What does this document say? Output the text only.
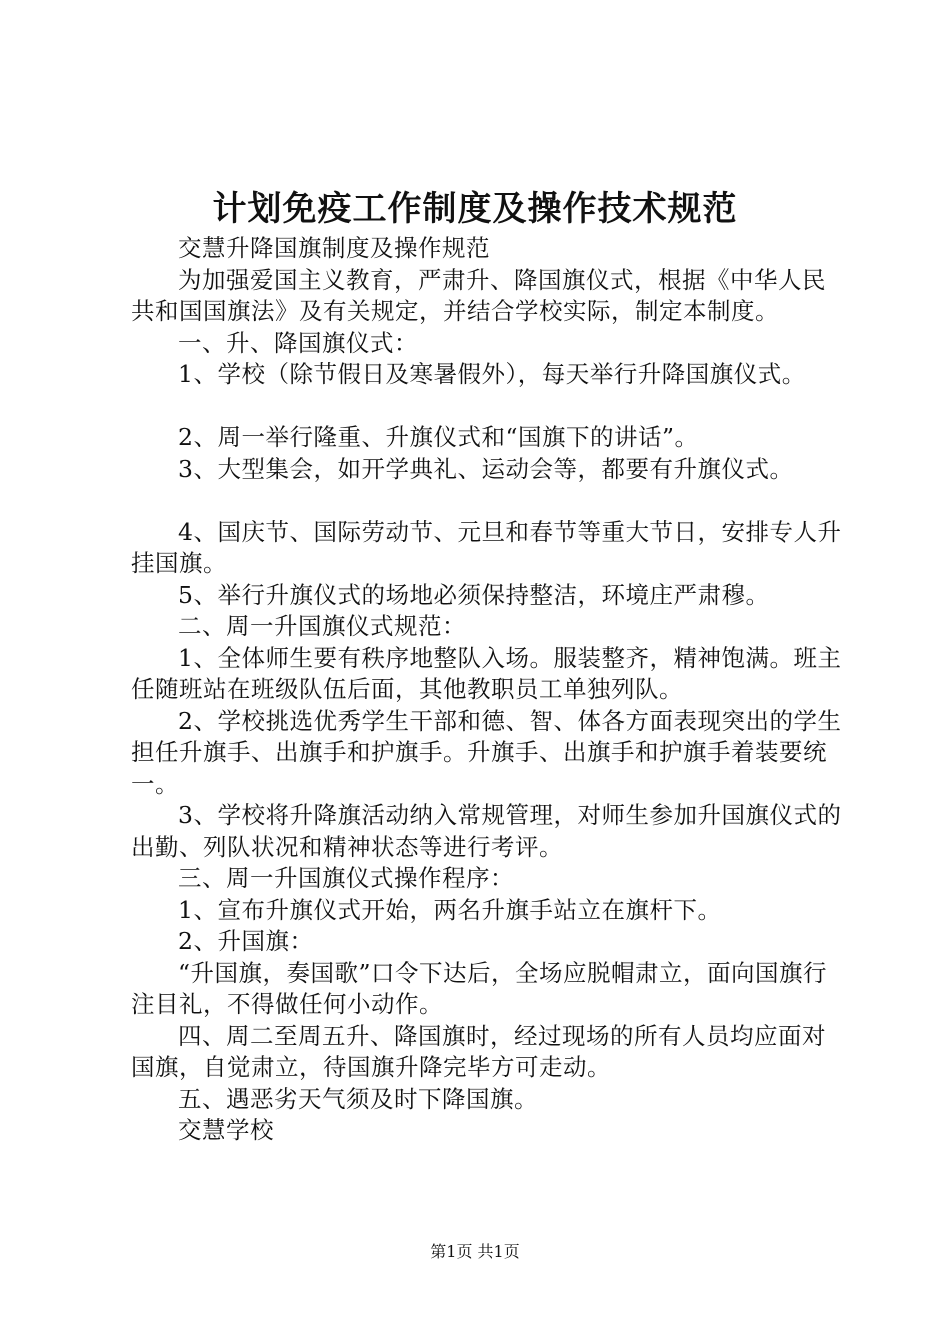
计划免疫工作制度及操作技术规范

交慧升降国旗制度及操作规范

为加强爱国主义教育，严肃升、降国旗仪式，根据《中华人民共和国国旗法》及有关规定，并结合学校实际，制定本制度。

一、升、降国旗仪式：

1、学校（除节假日及寒暑假外），每天举行升降国旗仪式。

2、周一举行隆重、升旗仪式和“国旗下的讲话”。

3、大型集会，如开学典礼、运动会等，都要有升旗仪式。

4、国庆节、国际劳动节、元旦和春节等重大节日，安排专人升挂国旗。

5、举行升旗仪式的场地必须保持整洁，环境庄严肃穆。

二、周一升国旗仪式规范：

1、全体师生要有秩序地整队入场。服装整齐，精神饱满。班主任随班站在班级队伍后面，其他教职员工单独列队。

2、学校挑选优秀学生干部和德、智、体各方面表现突出的学生担任升旗手、出旗手和护旗手。升旗手、出旗手和护旗手着装要统一。

3、学校将升降旗活动纳入常规管理，对师生参加升国旗仪式的出勤、列队状况和精神状态等进行考评。

三、周一升国旗仪式操作程序：

1、宣布升旗仪式开始，两名升旗手站立在旗杆下。

2、升国旗：

“升国旗，奏国歌”口令下达后，全场应脱帽肃立，面向国旗行注目礼，不得做任何小动作。

四、周二至周五升、降国旗时，经过现场的所有人员均应面对国旗，自觉肃立，待国旗升降完毕方可走动。

五、遇恶劣天气须及时下降国旗。

交慧学校

第1页 共1页
